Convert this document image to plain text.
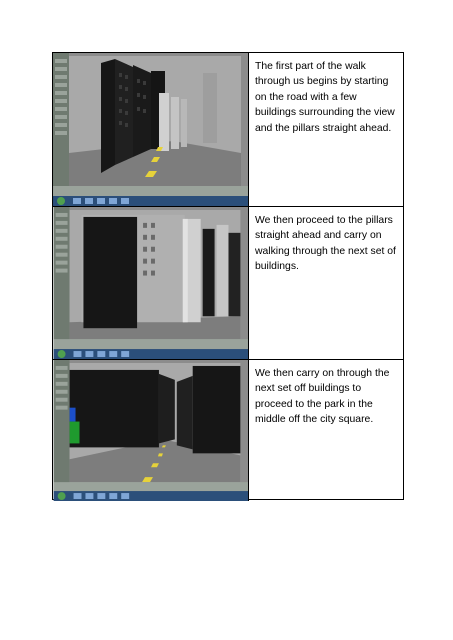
The first part of the walk through us begins by starting on the road with a few buildings surrounding the view and the pillars straight ahead.

We then proceed to the pillars straight ahead and carry on walking through the next set of buildings.

We then carry on through the next set off buildings to proceed to the park in the middle off the city square.
